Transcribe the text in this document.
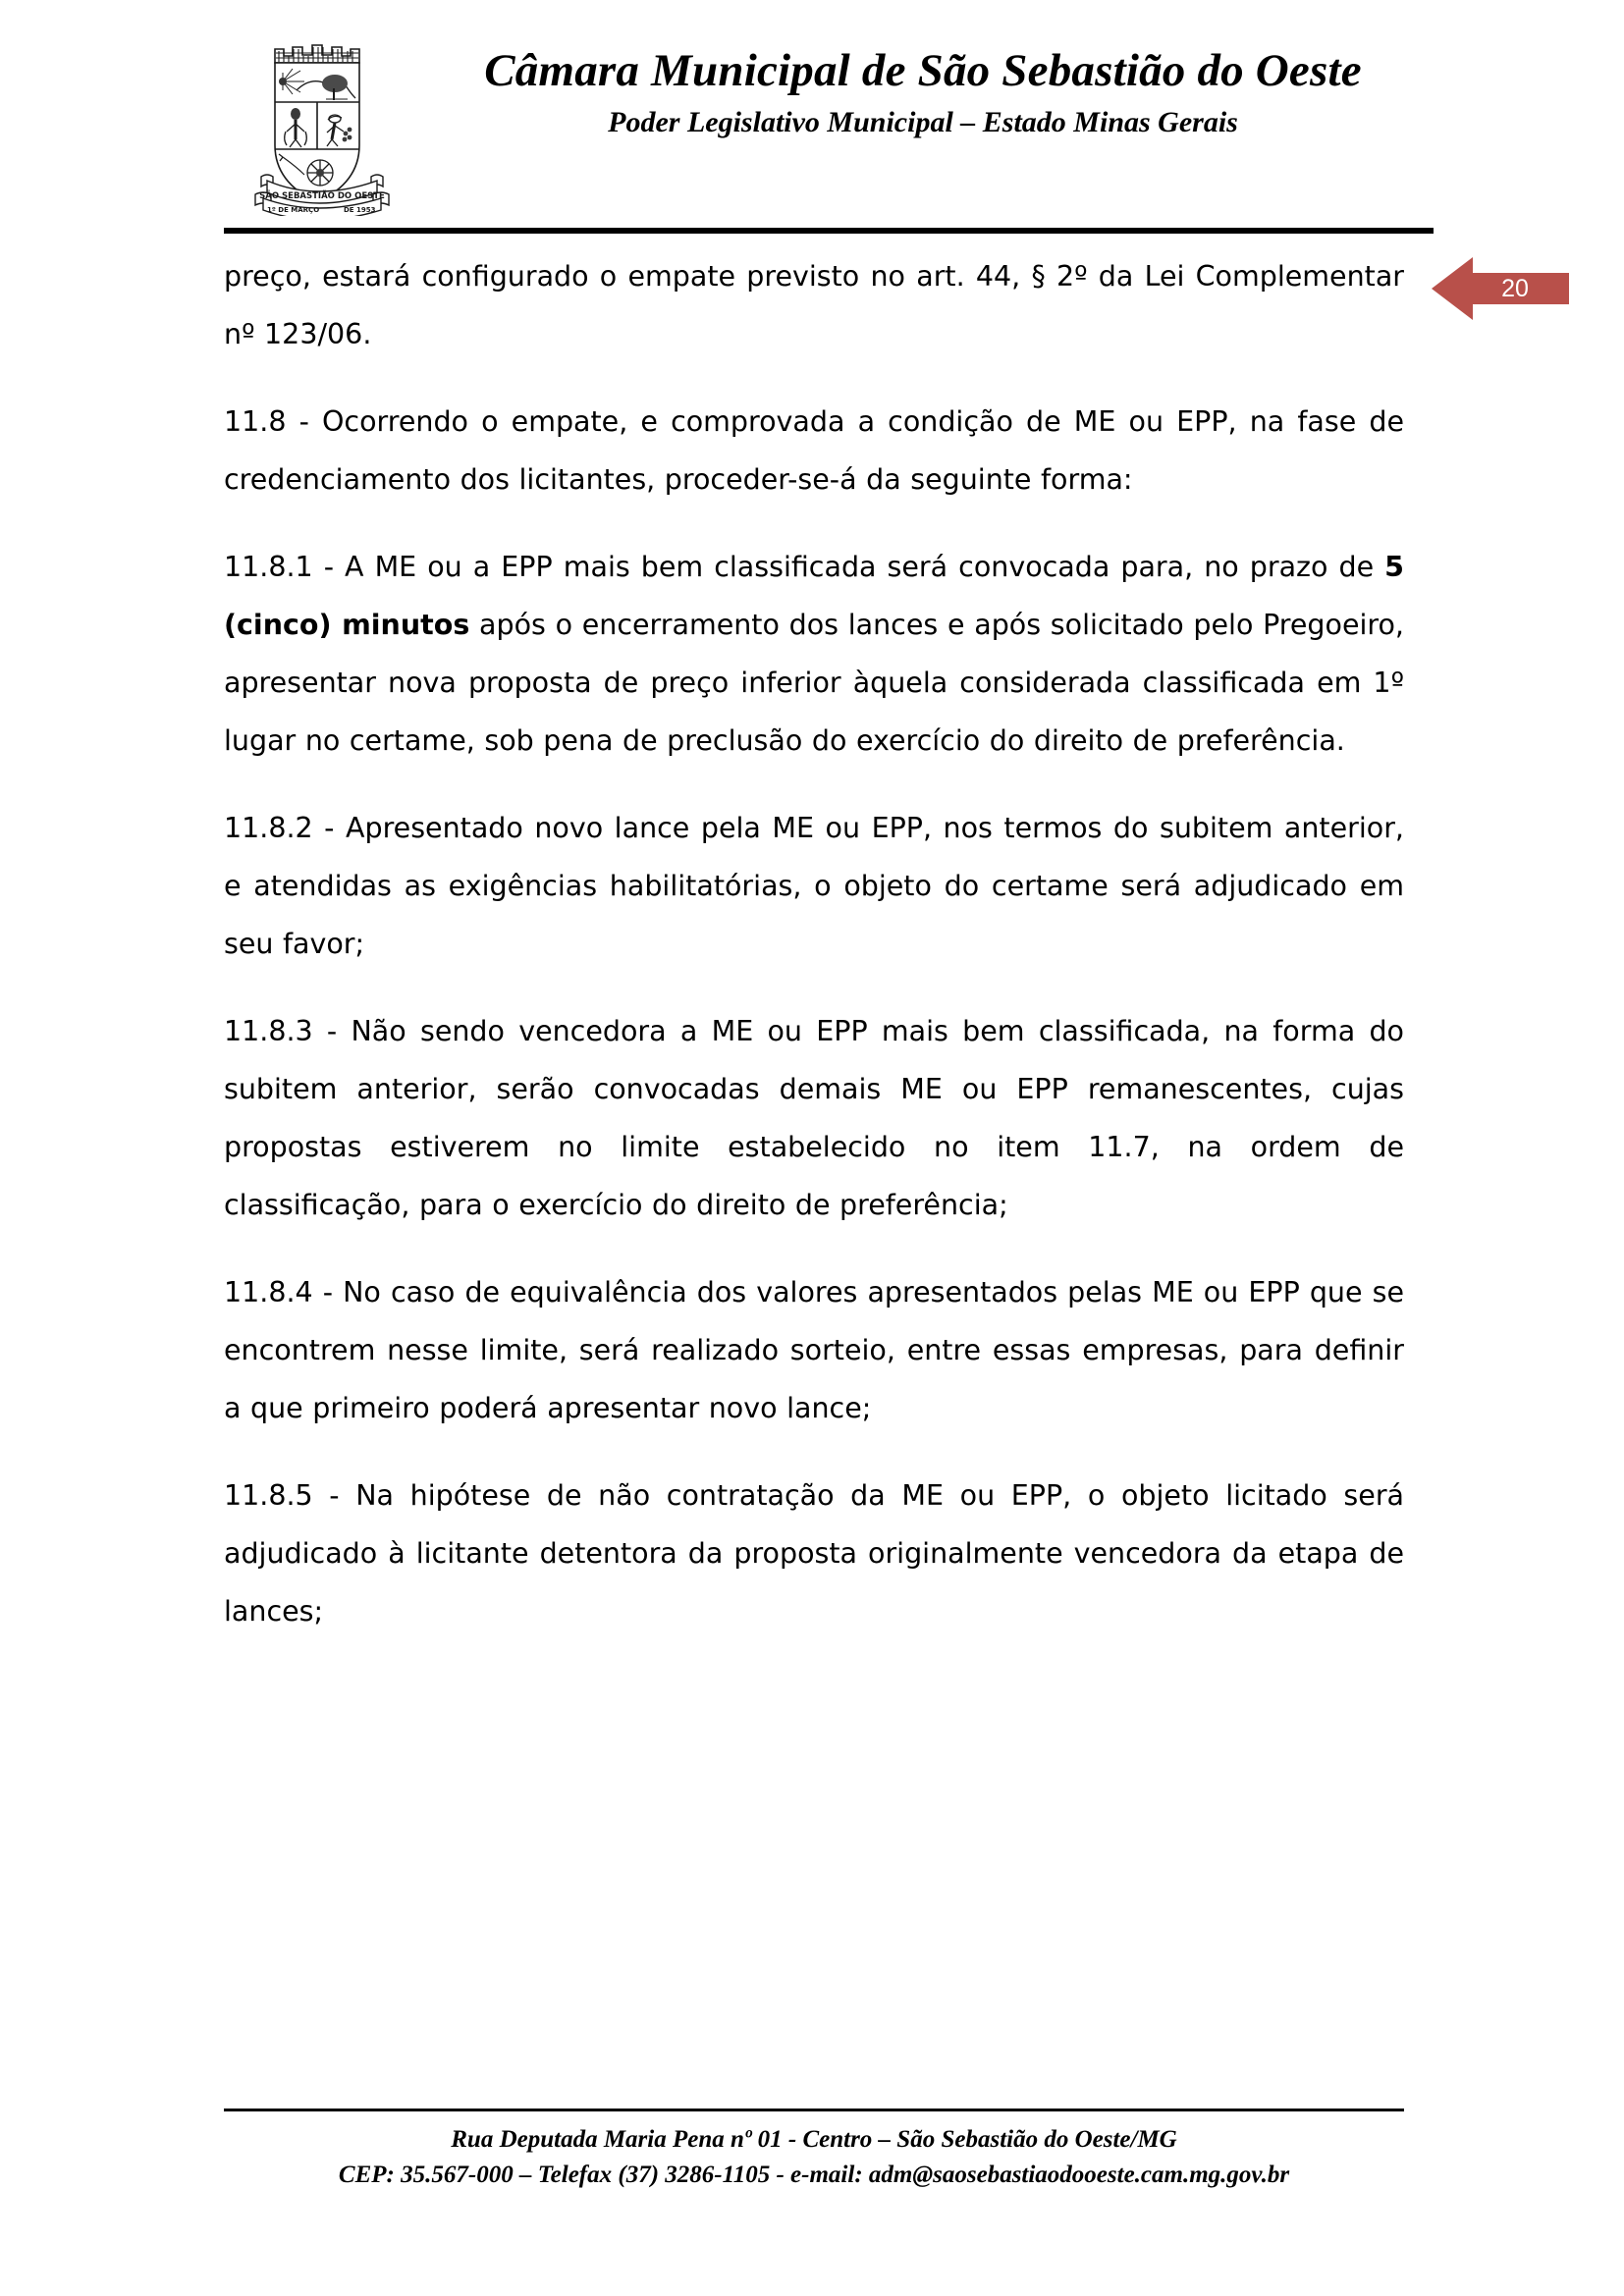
SÃO SEBASTIÃO DO OESTE
1º DE MARÇO	DE 1953
Câmara Municipal de São Sebastião do Oeste
Poder Legislativo Municipal – Estado Minas Gerais
20

preço, estará configurado o empate previsto no art. 44, § 2º da Lei Complementar nº 123/06.

11.8 - Ocorrendo o empate, e comprovada a condição de ME ou EPP, na fase de credenciamento dos licitantes, proceder-se-á da seguinte forma:

11.8.1 - A ME ou a EPP mais bem classificada será convocada para, no prazo de 5 (cinco) minutos após o encerramento dos lances e após solicitado pelo Pregoeiro, apresentar nova proposta de preço inferior àquela considerada classificada em 1º lugar no certame, sob pena de preclusão do exercício do direito de preferência.

11.8.2 - Apresentado novo lance pela ME ou EPP, nos termos do subitem anterior, e atendidas as exigências habilitatórias, o objeto do certame será adjudicado em seu favor;

11.8.3 - Não sendo vencedora a ME ou EPP mais bem classificada, na forma do subitem anterior, serão convocadas demais ME ou EPP remanescentes, cujas propostas estiverem no limite estabelecido no item 11.7, na ordem de classificação, para o exercício do direito de preferência;

11.8.4 - No caso de equivalência dos valores apresentados pelas ME ou EPP que se encontrem nesse limite, será realizado sorteio, entre essas empresas, para definir a que primeiro poderá apresentar novo lance;

11.8.5 - Na hipótese de não contratação da ME ou EPP, o objeto licitado será adjudicado à licitante detentora da proposta originalmente vencedora da etapa de lances;

Rua Deputada Maria Pena nº 01 - Centro – São Sebastião do Oeste/MG
CEP: 35.567-000 – Telefax (37) 3286-1105 - e-mail: adm@saosebastiaodooeste.cam.mg.gov.br
